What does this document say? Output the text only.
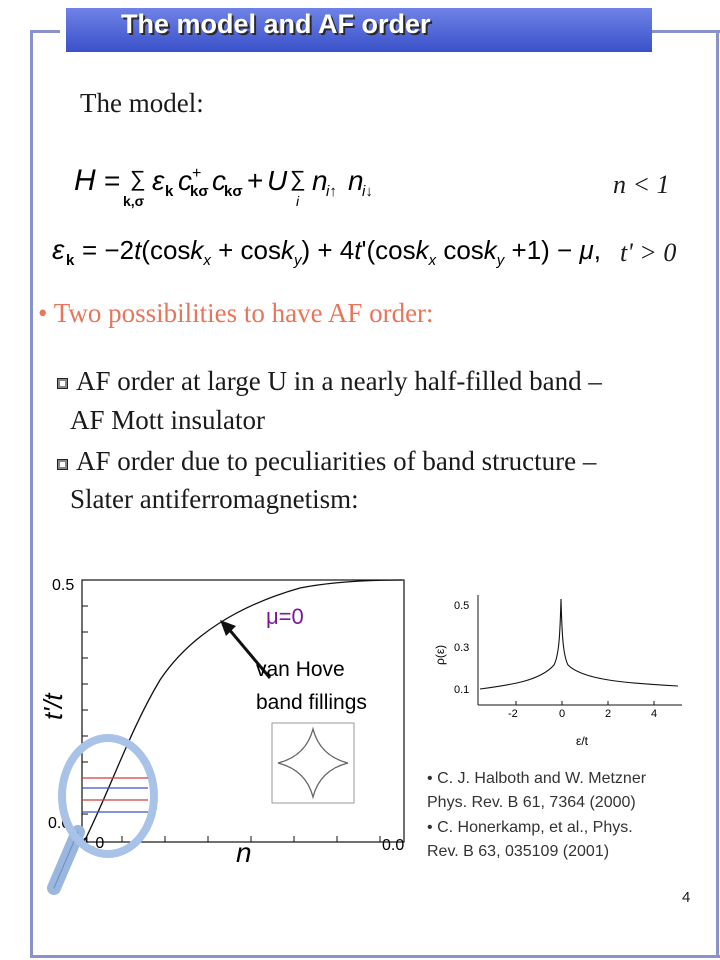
The model and AF order
The model:
H = ∑
k,σ
ε k c +
kσ c
kσ + U ∑
i
n
i↑ n
i↓	n < 1
ε k = −2t(cosk$_x$ + cosk$_y$) + 4t'(cosk$_x$ cosk$_y$ +1) − μ, t' > 0
• Two possibilities to have AF order:
AF order at large U in a nearly half-filled band –
AF Mott insulator
AF order due to peculiarities of band structure –
Slater antiferromagnetism:
0.5
0.0
1.0	0.0
t'/t
n
μ=0
van Hove
band fillings
0.5
0.3
0.1
-2	0	2	4
ρ(ε)
ε/t
• C. J. Halboth and W. Metzner
Phys. Rev. B 61, 7364 (2000)
• C. Honerkamp, et al., Phys.
Rev. B 63, 035109 (2001)
4
